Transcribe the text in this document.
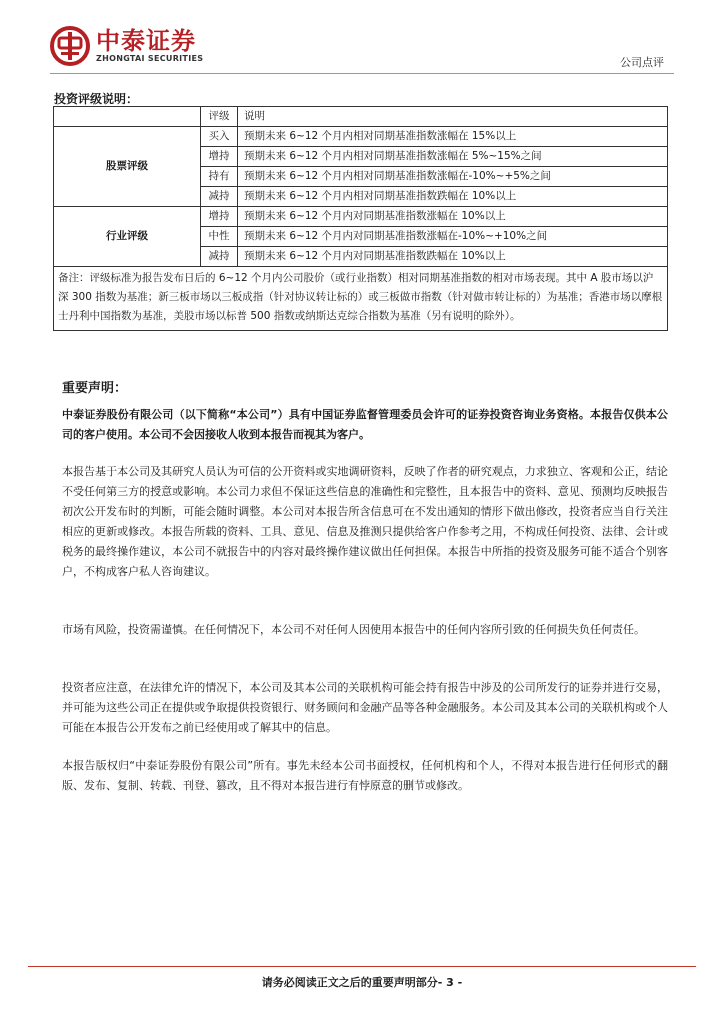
中泰证券
ZHONGTAI SECURITIES	公司点评
投资评级说明：
	评级	说明
股票评级	买入	预期未来 6~12 个月内相对同期基准指数涨幅在 15%以上
	增持	预期未来 6~12 个月内相对同期基准指数涨幅在 5%~15%之间
	持有	预期未来 6~12 个月内相对同期基准指数涨幅在-10%~+5%之间
	减持	预期未来 6~12 个月内相对同期基准指数跌幅在 10%以上
行业评级	增持	预期未来 6~12 个月内对同期基准指数涨幅在 10%以上
	中性	预期未来 6~12 个月内对同期基准指数涨幅在-10%~+10%之间
	减持	预期未来 6~12 个月内对同期基准指数跌幅在 10%以上
备注：评级标准为报告发布日后的 6~12 个月内公司股价（或行业指数）相对同期基准指数的相对市场表现。其中 A 股市场以沪深 300 指数为基准；新三板市场以三板成指（针对协议转让标的）或三板做市指数（针对做市转让标的）为基准；香港市场以摩根士丹利中国指数为基准，美股市场以标普 500 指数或纳斯达克综合指数为基准（另有说明的除外）。		
重要声明：
中泰证券股份有限公司（以下简称“本公司”）具有中国证券监督管理委员会许可的证券投资咨询业务资格。本报告仅供本公司的客户使用。本公司不会因接收人收到本报告而视其为客户。
本报告基于本公司及其研究人员认为可信的公开资料或实地调研资料，反映了作者的研究观点，力求独立、客观和公正，结论不受任何第三方的授意或影响。本公司力求但不保证这些信息的准确性和完整性，且本报告中的资料、意见、预测均反映报告初次公开发布时的判断，可能会随时调整。本公司对本报告所含信息可在不发出通知的情形下做出修改，投资者应当自行关注相应的更新或修改。本报告所载的资料、工具、意见、信息及推测只提供给客户作参考之用，不构成任何投资、法律、会计或税务的最终操作建议，本公司不就报告中的内容对最终操作建议做出任何担保。本报告中所指的投资及服务可能不适合个别客户，不构成客户私人咨询建议。
市场有风险，投资需谨慎。在任何情况下，本公司不对任何人因使用本报告中的任何内容所引致的任何损失负任何责任。
投资者应注意，在法律允许的情况下，本公司及其本公司的关联机构可能会持有报告中涉及的公司所发行的证券并进行交易，并可能为这些公司正在提供或争取提供投资银行、财务顾问和金融产品等各种金融服务。本公司及其本公司的关联机构或个人可能在本报告公开发布之前已经使用或了解其中的信息。
本报告版权归“中泰证券股份有限公司”所有。事先未经本公司书面授权，任何机构和个人，不得对本报告进行任何形式的翻版、发布、复制、转载、刊登、篡改，且不得对本报告进行有悖原意的删节或修改。
请务必阅读正文之后的重要声明部分- 3 -
